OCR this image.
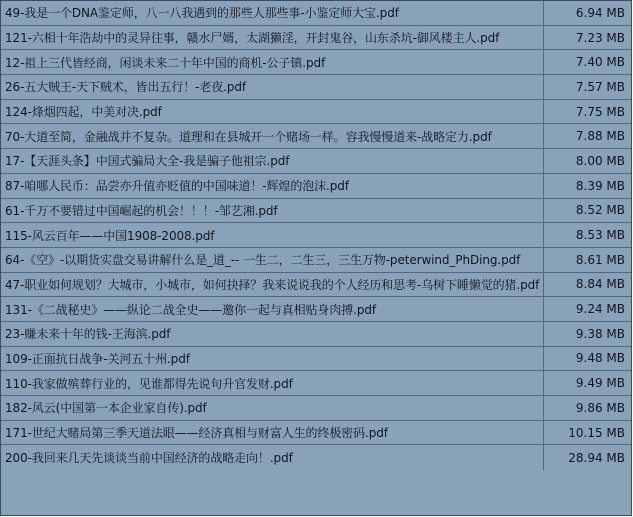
49-我是一个DNA鉴定师，八一八我遇到的那些人那些事-小鉴定师大宝.pdf	6.94 MB
121-六相十年浩劫中的灵异往事，赣水尸婿，太湖獭淫，开封鬼谷，山东杀坑-御风楼主人.pdf	7.23 MB
12-祖上三代皆经商，闲谈未来二十年中国的商机-公子镇.pdf	7.40 MB
26-五大贼王-天下贼术，皆出五行！-老夜.pdf	7.57 MB
124-烽烟四起，中美对决.pdf	7.75 MB
70-大道至简，金融战并不复杂。道理和在县城开一个赌场一样。容我慢慢道来-战略定力.pdf	7.88 MB
17-【天涯头条】中国式骗局大全-我是骗子他祖宗.pdf	8.00 MB
87-咱哪人民币：品尝亦升值亦贬值的中国味道！-辉煌的泡沫.pdf	8.39 MB
61-千万不要错过中国崛起的机会！！！-邹艺湘.pdf	8.52 MB
115-风云百年——中国1908-2008.pdf	8.53 MB
64-《空》-以期货实盘交易讲解什么是_道_-- 一生二，二生三，三生万物-peterwind_PhDing.pdf	8.61 MB
47-职业如何规划？大城市，小城市，如何抉择？我来说说我的个人经历和思考-乌树下睡懒觉的猪.pdf	8.84 MB
131-《二战秘史》——纵论二战全史——邀你一起与真相贴身肉搏.pdf	9.24 MB
23-赚未来十年的钱-王海滨.pdf	9.38 MB
109-正面抗日战争-关河五十州.pdf	9.48 MB
110-我家做殡葬行业的，见谁都得先说句升官发财.pdf	9.49 MB
182-风云(中国第一本企业家自传).pdf	9.86 MB
171-世纪大赌局第三季天道法眼——经济真相与财富人生的终极密码.pdf	10.15 MB
200-我回来几天先谈谈当前中国经济的战略走向！.pdf	28.94 MB
